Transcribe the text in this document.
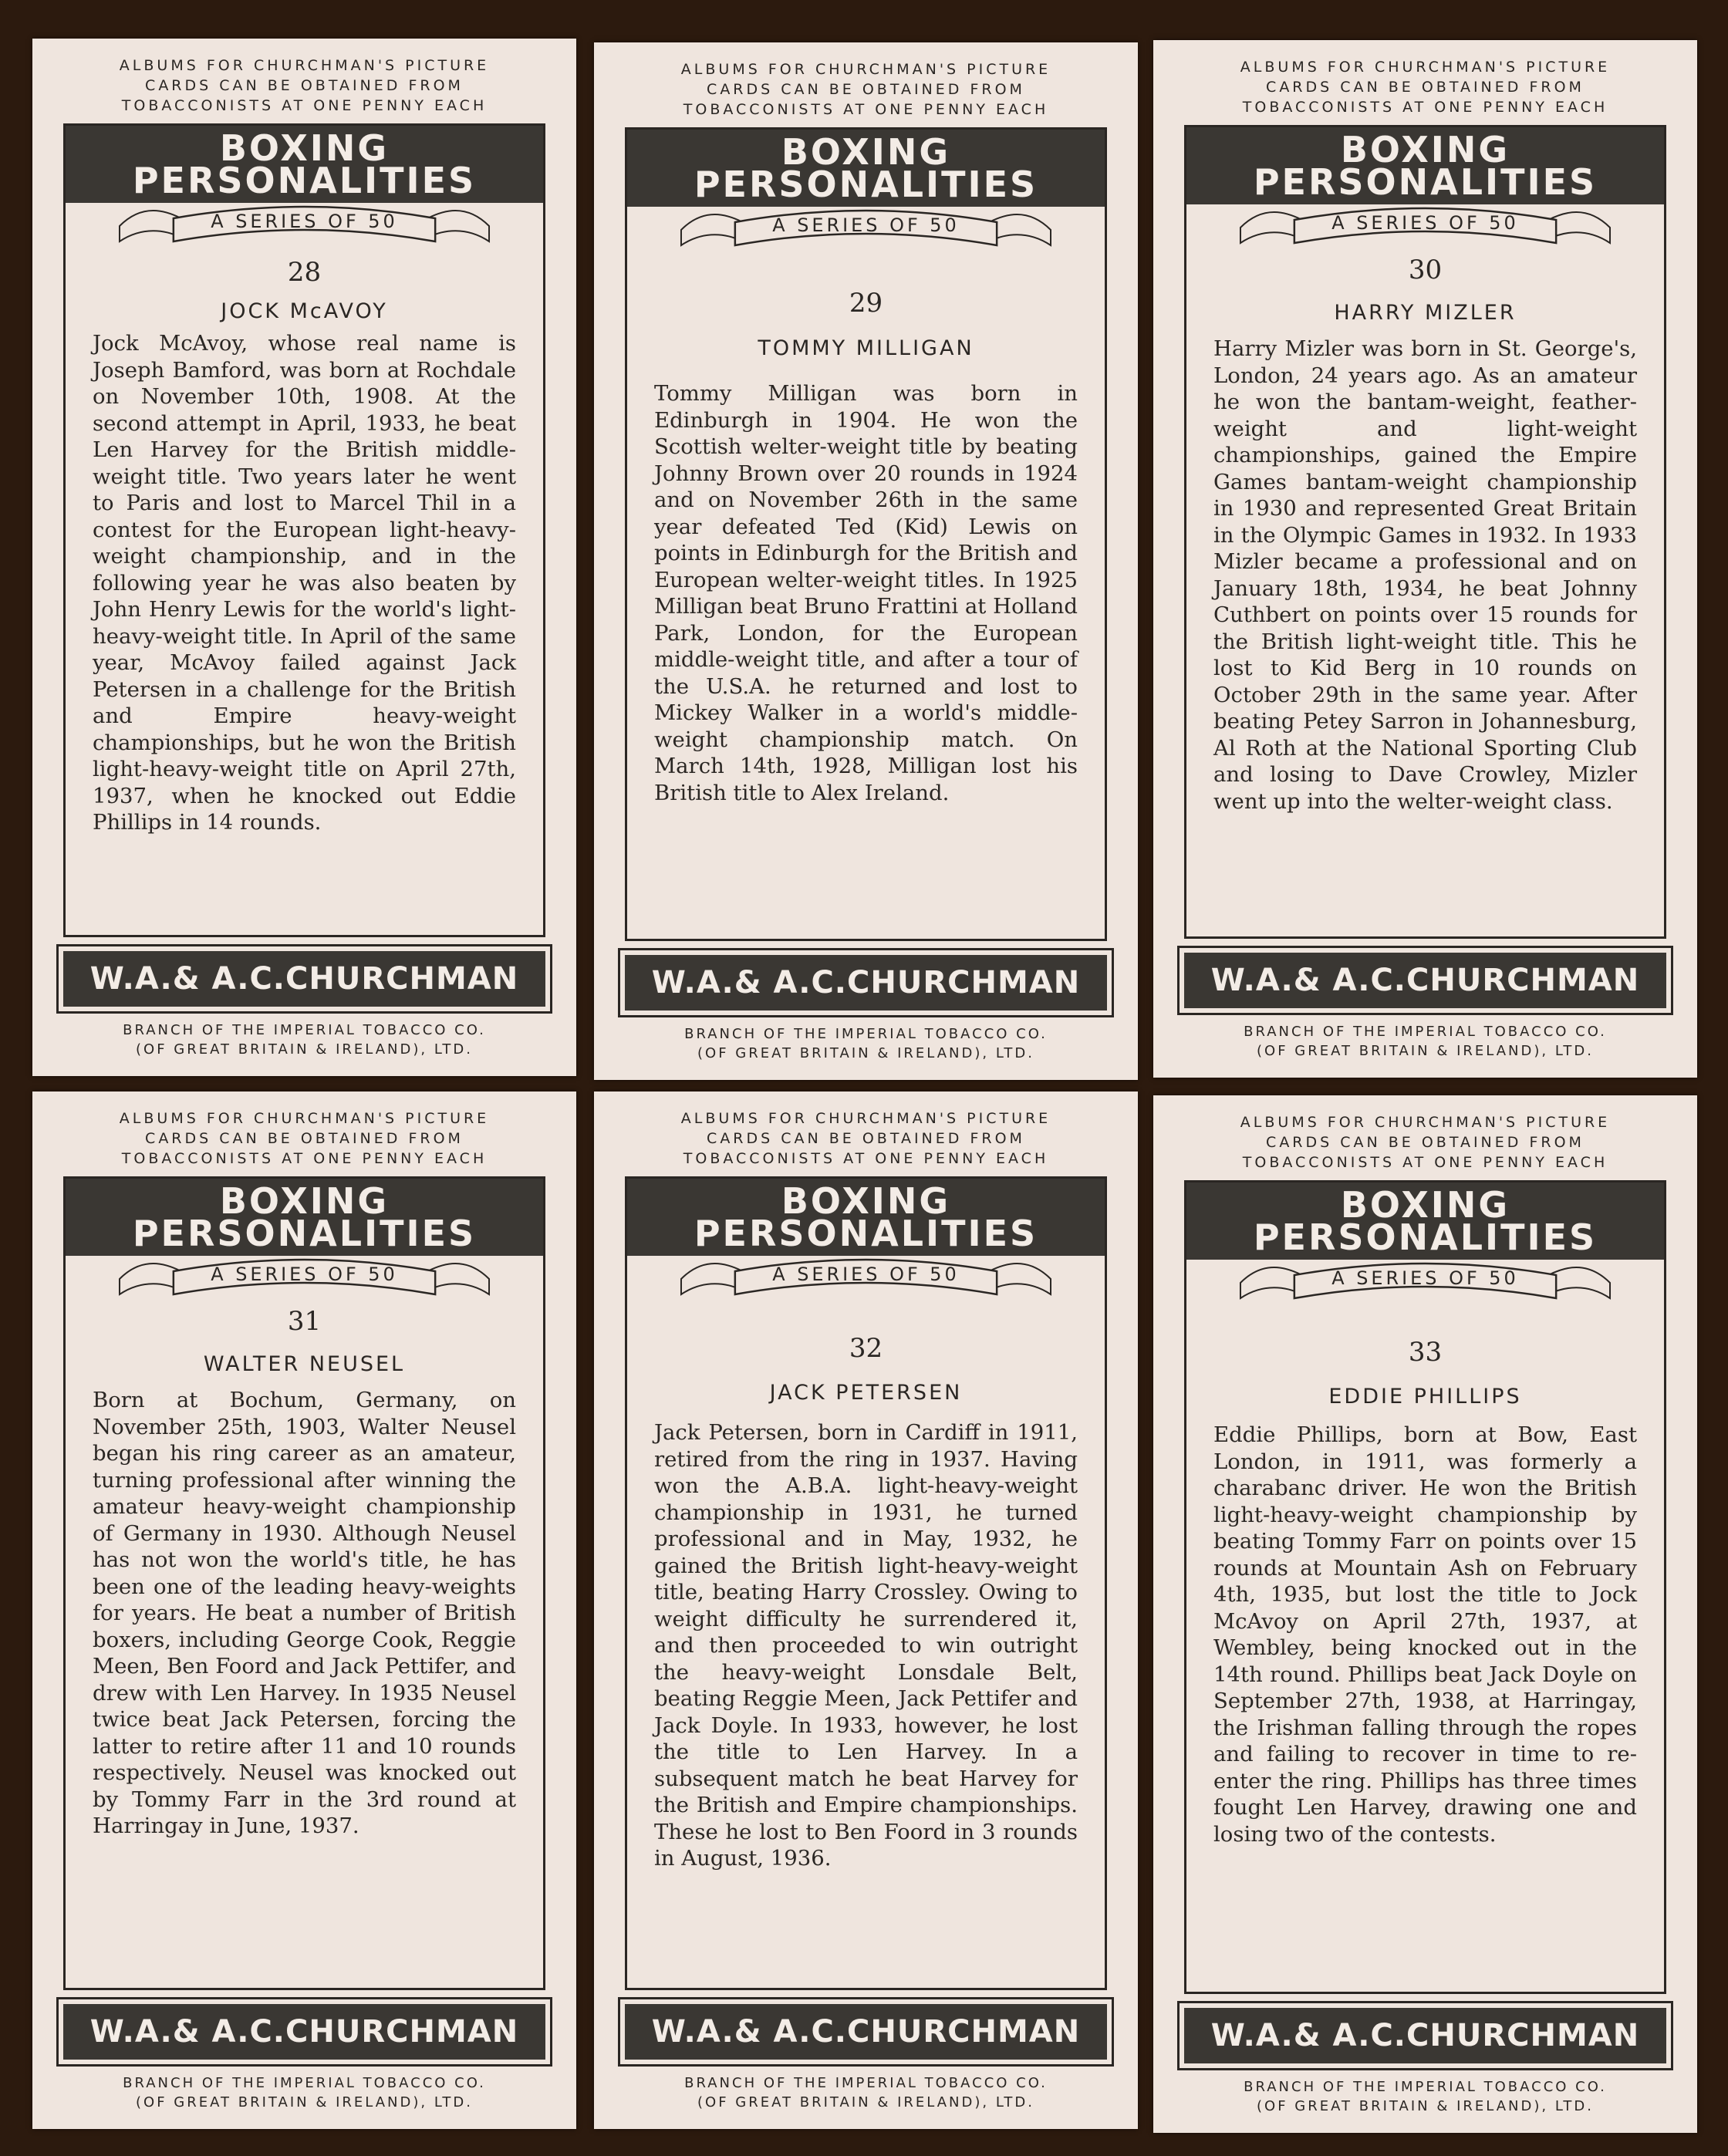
ALBUMS FOR CHURCHMAN'S PICTURE
CARDS CAN BE OBTAINED FROM
TOBACCONISTS AT ONE PENNY EACH
BOXING
PERSONALITIES
A SERIES OF 50
28
JOCK McAVOY
Jock McAvoy, whose real name is Joseph Bamford, was born at Rochdale on November 10th, 1908. At the second attempt in April, 1933, he beat Len Harvey for the British middle-weight title. Two years later he went to Paris and lost to Marcel Thil in a contest for the European light-heavy-weight championship, and in the following year he was also beaten by John Henry Lewis for the world's light-heavy-weight title. In April of the same year, McAvoy failed against Jack Petersen in a challenge for the British and Empire heavy-weight championships, but he won the British light-heavy-weight title on April 27th, 1937, when he knocked out Eddie Phillips in 14 rounds.
W.A.& A.C.CHURCHMAN
BRANCH OF THE IMPERIAL TOBACCO CO.
(OF GREAT BRITAIN & IRELAND), LTD.
ALBUMS FOR CHURCHMAN'S PICTURE
CARDS CAN BE OBTAINED FROM
TOBACCONISTS AT ONE PENNY EACH
BOXING
PERSONALITIES
A SERIES OF 50
29
TOMMY MILLIGAN
Tommy Milligan was born in Edinburgh in 1904. He won the Scottish welter-weight title by beating Johnny Brown over 20 rounds in 1924 and on November 26th in the same year defeated Ted (Kid) Lewis on points in Edinburgh for the British and European welter-weight titles. In 1925 Milligan beat Bruno Frattini at Holland Park, London, for the European middle-weight title, and after a tour of the U.S.A. he returned and lost to Mickey Walker in a world's middle-weight championship match. On March 14th, 1928, Milligan lost his British title to Alex Ireland.
W.A.& A.C.CHURCHMAN
BRANCH OF THE IMPERIAL TOBACCO CO.
(OF GREAT BRITAIN & IRELAND), LTD.
ALBUMS FOR CHURCHMAN'S PICTURE
CARDS CAN BE OBTAINED FROM
TOBACCONISTS AT ONE PENNY EACH
BOXING
PERSONALITIES
A SERIES OF 50
30
HARRY MIZLER
Harry Mizler was born in St. George's, London, 24 years ago. As an amateur he won the bantam-weight, feather-weight and light-weight championships, gained the Empire Games bantam-weight championship in 1930 and represented Great Britain in the Olympic Games in 1932. In 1933 Mizler became a professional and on January 18th, 1934, he beat Johnny Cuthbert on points over 15 rounds for the British light-weight title. This he lost to Kid Berg in 10 rounds on October 29th in the same year. After beating Petey Sarron in Johannesburg, Al Roth at the National Sporting Club and losing to Dave Crowley, Mizler went up into the welter-weight class.
W.A.& A.C.CHURCHMAN
BRANCH OF THE IMPERIAL TOBACCO CO.
(OF GREAT BRITAIN & IRELAND), LTD.
ALBUMS FOR CHURCHMAN'S PICTURE
CARDS CAN BE OBTAINED FROM
TOBACCONISTS AT ONE PENNY EACH
BOXING
PERSONALITIES
A SERIES OF 50
31
WALTER NEUSEL
Born at Bochum, Germany, on November 25th, 1903, Walter Neusel began his ring career as an amateur, turning professional after winning the amateur heavy-weight championship of Germany in 1930. Although Neusel has not won the world's title, he has been one of the leading heavy-weights for years. He beat a number of British boxers, including George Cook, Reggie Meen, Ben Foord and Jack Pettifer, and drew with Len Harvey. In 1935 Neusel twice beat Jack Petersen, forcing the latter to retire after 11 and 10 rounds respectively. Neusel was knocked out by Tommy Farr in the 3rd round at Harringay in June, 1937.
W.A.& A.C.CHURCHMAN
BRANCH OF THE IMPERIAL TOBACCO CO.
(OF GREAT BRITAIN & IRELAND), LTD.
ALBUMS FOR CHURCHMAN'S PICTURE
CARDS CAN BE OBTAINED FROM
TOBACCONISTS AT ONE PENNY EACH
BOXING
PERSONALITIES
A SERIES OF 50
32
JACK PETERSEN
Jack Petersen, born in Cardiff in 1911, retired from the ring in 1937. Having won the A.B.A. light-heavy-weight championship in 1931, he turned professional and in May, 1932, he gained the British light-heavy-weight title, beating Harry Crossley. Owing to weight difficulty he surrendered it, and then proceeded to win outright the heavy-weight Lonsdale Belt, beating Reggie Meen, Jack Pettifer and Jack Doyle. In 1933, however, he lost the title to Len Harvey. In a subsequent match he beat Harvey for the British and Empire championships. These he lost to Ben Foord in 3 rounds in August, 1936.
W.A.& A.C.CHURCHMAN
BRANCH OF THE IMPERIAL TOBACCO CO.
(OF GREAT BRITAIN & IRELAND), LTD.
ALBUMS FOR CHURCHMAN'S PICTURE
CARDS CAN BE OBTAINED FROM
TOBACCONISTS AT ONE PENNY EACH
BOXING
PERSONALITIES
A SERIES OF 50
33
EDDIE PHILLIPS
Eddie Phillips, born at Bow, East London, in 1911, was formerly a charabanc driver. He won the British light-heavy-weight championship by beating Tommy Farr on points over 15 rounds at Mountain Ash on February 4th, 1935, but lost the title to Jock McAvoy on April 27th, 1937, at Wembley, being knocked out in the 14th round. Phillips beat Jack Doyle on September 27th, 1938, at Harringay, the Irishman falling through the ropes and failing to recover in time to re-enter the ring. Phillips has three times fought Len Harvey, drawing one and losing two of the contests.
W.A.& A.C.CHURCHMAN
BRANCH OF THE IMPERIAL TOBACCO CO.
(OF GREAT BRITAIN & IRELAND), LTD.
